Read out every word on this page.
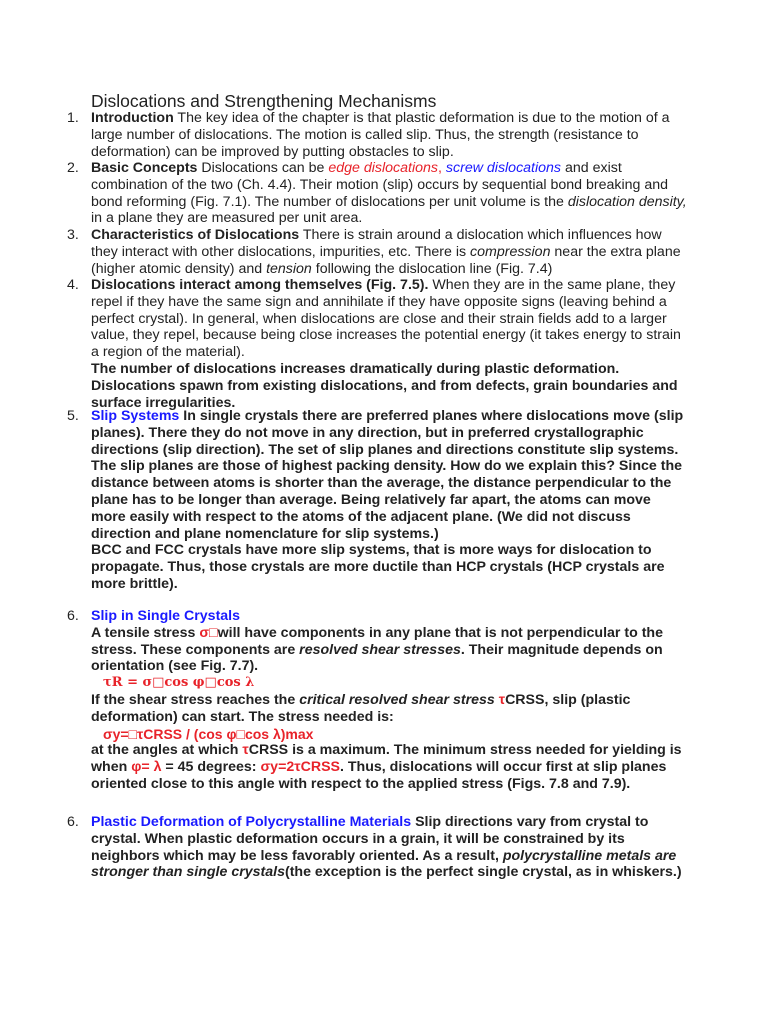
Dislocations and Strengthening Mechanisms
1. Introduction The key idea of the chapter is that plastic deformation is due to the motion of a large number of dislocations. The motion is called slip. Thus, the strength (resistance to deformation) can be improved by putting obstacles to slip.
2. Basic Concepts Dislocations can be edge dislocations, screw dislocations and exist combination of the two (Ch. 4.4). Their motion (slip) occurs by sequential bond breaking and bond reforming (Fig. 7.1). The number of dislocations per unit volume is the dislocation density, in a plane they are measured per unit area.
3. Characteristics of Dislocations There is strain around a dislocation which influences how they interact with other dislocations, impurities, etc. There is compression near the extra plane (higher atomic density) and tension following the dislocation line (Fig. 7.4)
4. Dislocations interact among themselves (Fig. 7.5). When they are in the same plane, they repel if they have the same sign and annihilate if they have opposite signs (leaving behind a perfect crystal). In general, when dislocations are close and their strain fields add to a larger value, they repel, because being close increases the potential energy (it takes energy to strain a region of the material).

The number of dislocations increases dramatically during plastic deformation. Dislocations spawn from existing dislocations, and from defects, grain boundaries and surface irregularities.

5. Slip Systems In single crystals there are preferred planes where dislocations move (slip planes). There they do not move in any direction, but in preferred crystallographic directions (slip direction). The set of slip planes and directions constitute slip systems.

The slip planes are those of highest packing density. How do we explain this? Since the distance between atoms is shorter than the average, the distance perpendicular to the plane has to be longer than average. Being relatively far apart, the atoms can move more easily with respect to the atoms of the adjacent plane. (We did not discuss direction and plane nomenclature for slip systems.)

BCC and FCC crystals have more slip systems, that is more ways for dislocation to propagate. Thus, those crystals are more ductile than HCP crystals (HCP crystals are more brittle).

6. Slip in Single Crystals

A tensile stress σ□will have components in any plane that is not perpendicular to the stress. These components are resolved shear stresses. Their magnitude depends on orientation (see Fig. 7.7).

τR = σ□cos φ□cos λ

If the shear stress reaches the critical resolved shear stress τCRSS, slip (plastic deformation) can start. The stress needed is:

σy=□τCRSS / (cos φ□cos λ)max

at the angles at which τCRSS is a maximum. The minimum stress needed for yielding is when φ= λ = 45 degrees: σy=2τCRSS. Thus, dislocations will occur first at slip planes oriented close to this angle with respect to the applied stress (Figs. 7.8 and 7.9).

6. Plastic Deformation of Polycrystalline Materials Slip directions vary from crystal to crystal. When plastic deformation occurs in a grain, it will be constrained by its neighbors which may be less favorably oriented. As a result, polycrystalline metals are stronger than single crystals(the exception is the perfect single crystal, as in whiskers.)
